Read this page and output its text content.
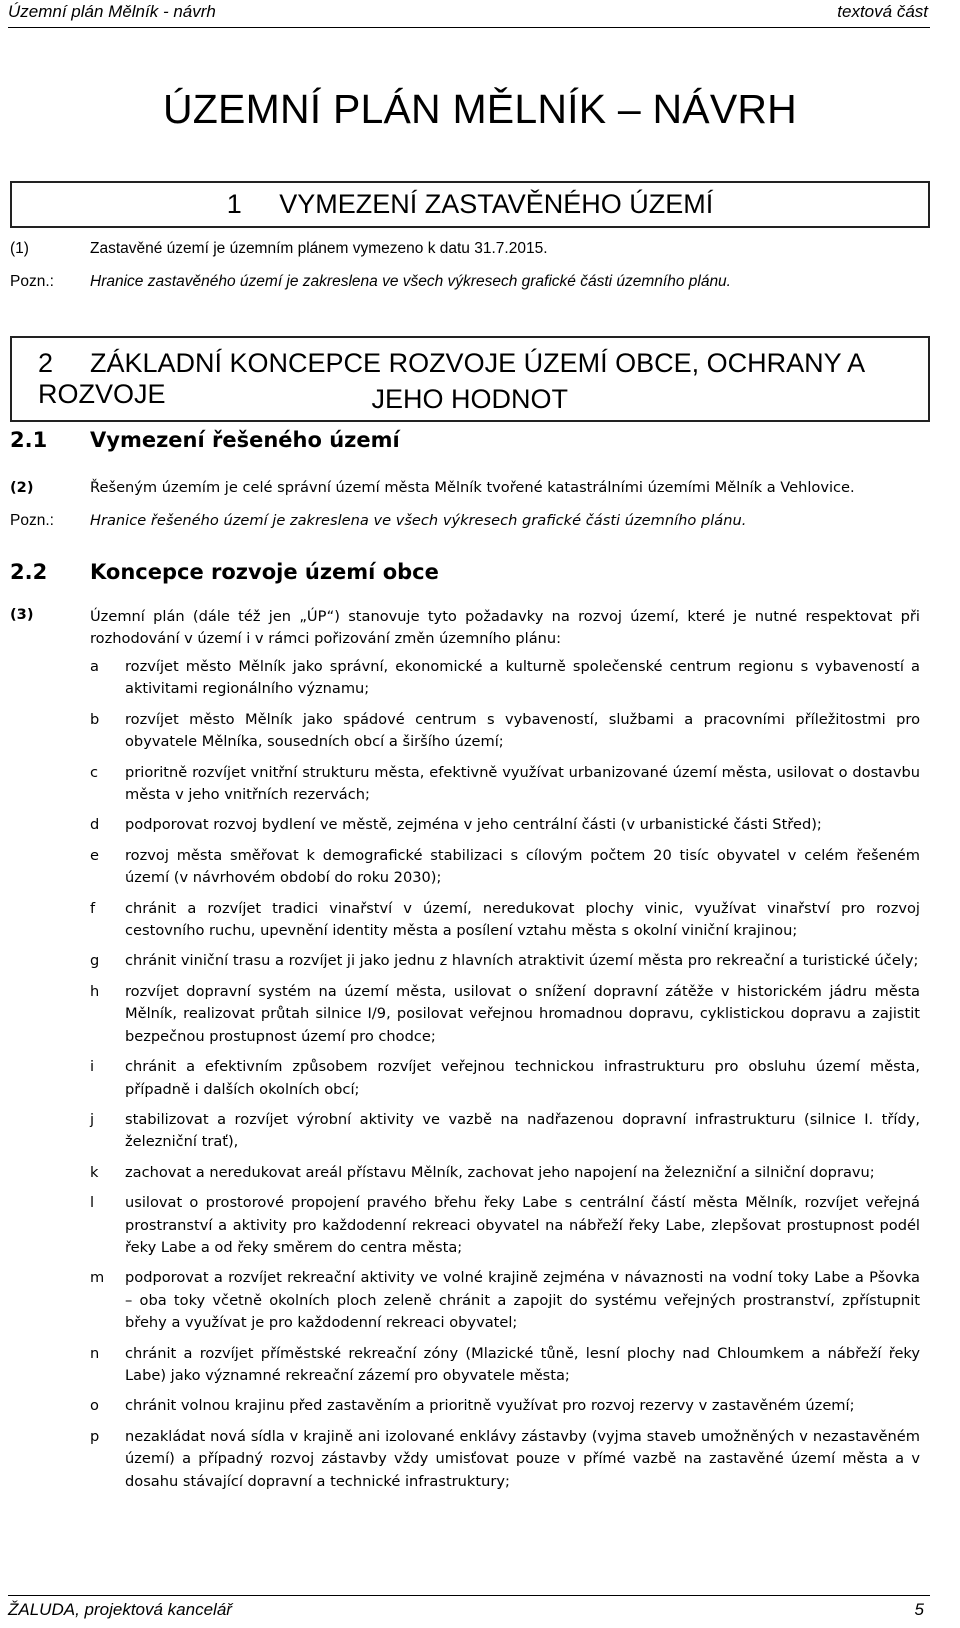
Územní plán Mělník - návrh	textová část
ÚZEMNÍ PLÁN MĚLNÍK – NÁVRH
1 VYMEZENÍ ZASTAVĚNÉHO ÚZEMÍ
(1)	Zastavěné území je územním plánem vymezeno k datu 31.7.2015.
Pozn.: Hranice zastavěného území je zakreslena ve všech výkresech grafické části územního plánu.
2 ZÁKLADNÍ KONCEPCE ROZVOJE ÚZEMÍ OBCE, OCHRANY A ROZVOJE	JEHO HODNOT
2.1 Vymezení řešeného území
(2)	Řešeným územím je celé správní území města Mělník tvořené katastrálními územími Mělník a Vehlovice.
Pozn.: Hranice řešeného území je zakreslena ve všech výkresech grafické části územního plánu.
2.2 Koncepce rozvoje území obce
(3)	Územní plán (dále též jen „ÚP“) stanovuje tyto požadavky na rozvoj území, které je nutné respektovat při rozhodování v území i v rámci pořizování změn územního plánu:
a	rozvíjet město Mělník jako správní, ekonomické a kulturně společenské centrum regionu s vybaveností a aktivitami regionálního významu;
b	rozvíjet město Mělník jako spádové centrum s vybaveností, službami a pracovními příležitostmi pro obyvatele Mělníka, sousedních obcí a širšího území;
c	prioritně rozvíjet vnitřní strukturu města, efektivně využívat urbanizované území města, usilovat o dostavbu města v jeho vnitřních rezervách;
d	podporovat rozvoj bydlení ve městě, zejména v jeho centrální části (v urbanistické části Střed);
e	rozvoj města směřovat k demografické stabilizaci s cílovým počtem 20 tisíc obyvatel v celém řešeném území (v návrhovém období do roku 2030);
f	chránit a rozvíjet tradici vinařství v území, neredukovat plochy vinic, využívat vinařství pro rozvoj cestovního ruchu, upevnění identity města a posílení vztahu města s okolní viniční krajinou;
g	chránit viniční trasu a rozvíjet ji jako jednu z hlavních atraktivit území města pro rekreační a turistické účely;
h	rozvíjet dopravní systém na území města, usilovat o snížení dopravní zátěže v historickém jádru města Mělník, realizovat průtah silnice I/9, posilovat veřejnou hromadnou dopravu, cyklistickou dopravu a zajistit bezpečnou prostupnost území pro chodce;
i	chránit a efektivním způsobem rozvíjet veřejnou technickou infrastrukturu pro obsluhu území města, případně i dalších okolních obcí;
j	stabilizovat a rozvíjet výrobní aktivity ve vazbě na nadřazenou dopravní infrastrukturu (silnice I. třídy, železniční trať),
k	zachovat a neredukovat areál přístavu Mělník, zachovat jeho napojení na železniční a silniční dopravu;
l	usilovat o prostorové propojení pravého břehu řeky Labe s centrální částí města Mělník, rozvíjet veřejná prostranství a aktivity pro každodenní rekreaci obyvatel na nábřeží řeky Labe, zlepšovat prostupnost podél řeky Labe a od řeky směrem do centra města;
m	podporovat a rozvíjet rekreační aktivity ve volné krajině zejména v návaznosti na vodní toky Labe a Pšovka – oba toky včetně okolních ploch zeleně chránit a zapojit do systému veřejných prostranství, zpřístupnit břehy a využívat je pro každodenní rekreaci obyvatel;
n	chránit a rozvíjet příměstské rekreační zóny (Mlazické tůně, lesní plochy nad Chloumkem a nábřeží řeky Labe) jako významné rekreační zázemí pro obyvatele města;
o	chránit volnou krajinu před zastavěním a prioritně využívat pro rozvoj rezervy v zastavěném území;
p	nezakládat nová sídla v krajině ani izolované enklávy zástavby (vyjma staveb umožněných v nezastavěném území) a případný rozvoj zástavby vždy umisťovat pouze v přímé vazbě na zastavěné území města a v dosahu stávající dopravní a technické infrastruktury;
ŽALUDA, projektová kancelář	5
